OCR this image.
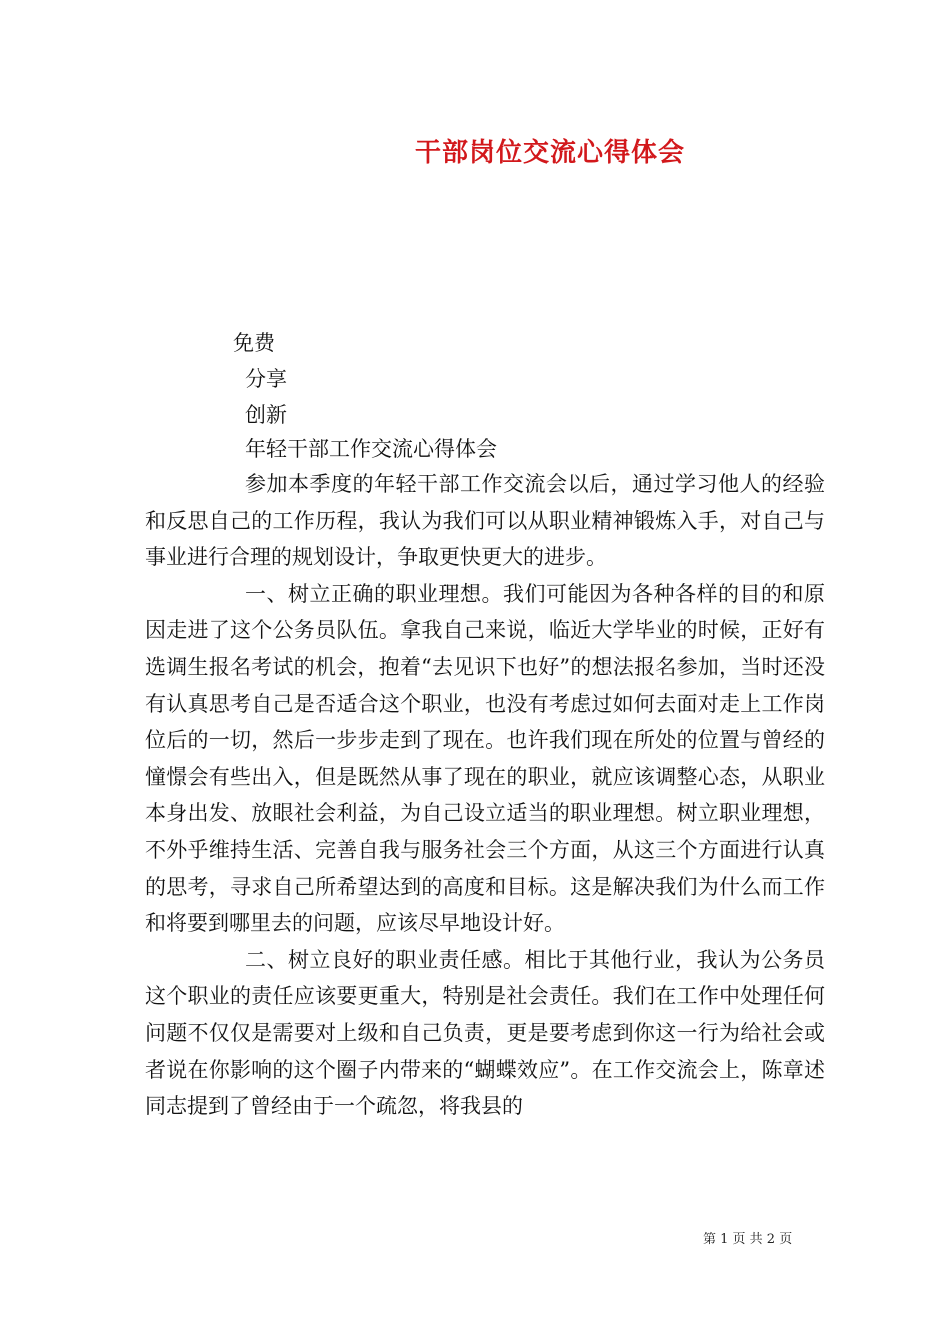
干部岗位交流心得体会
免费
分享
创新
年轻干部工作交流心得体会

参加本季度的年轻干部工作交流会以后，通过学习他人的经验和反思自己的工作历程，我认为我们可以从职业精神锻炼入手，对自己与事业进行合理的规划设计，争取更快更大的进步。

一、树立正确的职业理想。我们可能因为各种各样的目的和原因走进了这个公务员队伍。拿我自己来说，临近大学毕业的时候，正好有选调生报名考试的机会，抱着“去见识下也好”的想法报名参加，当时还没有认真思考自己是否适合这个职业，也没有考虑过如何去面对走上工作岗位后的一切，然后一步步走到了现在。也许我们现在所处的位置与曾经的憧憬会有些出入，但是既然从事了现在的职业，就应该调整心态，从职业本身出发、放眼社会利益，为自己设立适当的职业理想。树立职业理想，不外乎维持生活、完善自我与服务社会三个方面，从这三个方面进行认真的思考，寻求自己所希望达到的高度和目标。这是解决我们为什么而工作和将要到哪里去的问题，应该尽早地设计好。

二、树立良好的职业责任感。相比于其他行业，我认为公务员这个职业的责任应该要更重大，特别是社会责任。我们在工作中处理任何问题不仅仅是需要对上级和自己负责，更是要考虑到你这一行为给社会或者说在你影响的这个圈子内带来的“蝴蝶效应”。在工作交流会上，陈章述同志提到了曾经由于一个疏忽，将我县的

第 1 页 共 2 页
